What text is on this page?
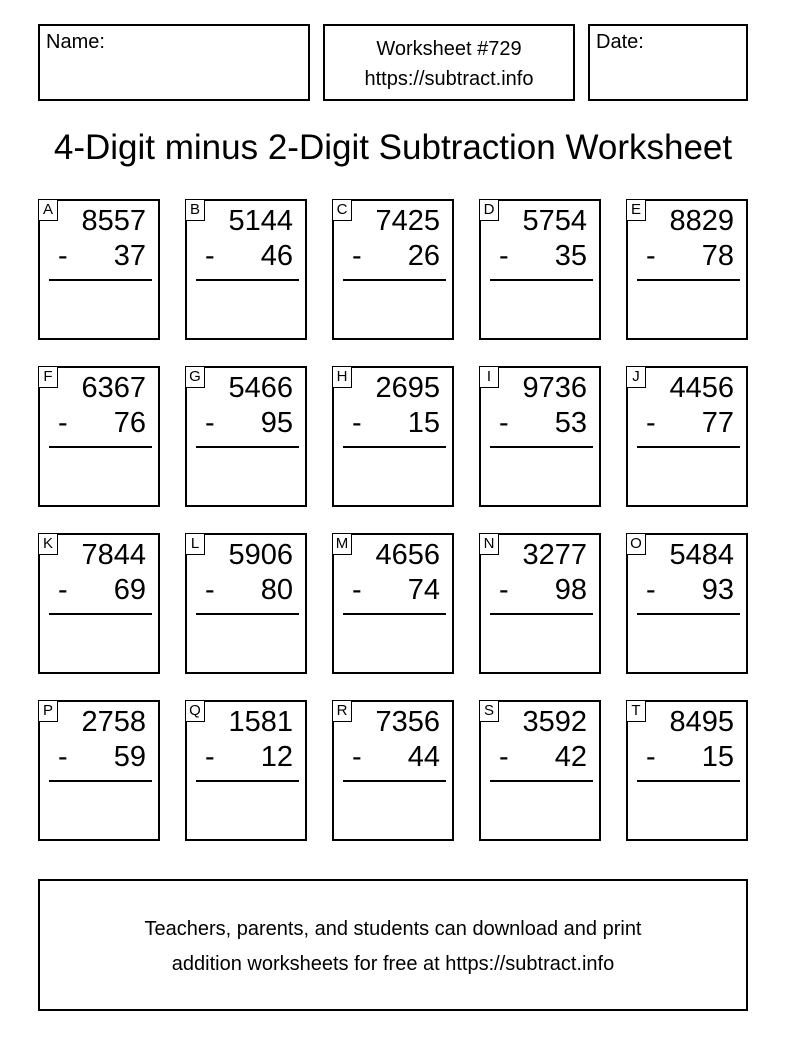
Name:	Worksheet #729
https://subtract.info
Date:
4-Digit minus 2-Digit Subtraction Worksheet
A 8557
- 37
B 5144
- 46
C 7425
- 26
D 5754
- 35
E 8829
- 78
F 6367
- 76
G 5466
- 95
H 2695
- 15
I 9736
- 53
J 4456
- 77
K 7844
- 69
L 5906
- 80
M 4656
- 74
N 3277
- 98
O 5484
- 93
P 2758
- 59
Q 1581
- 12
R 7356
- 44
S 3592
- 42
T 8495
- 15
Teachers, parents, and students can download and print
addition worksheets for free at https://subtract.info
